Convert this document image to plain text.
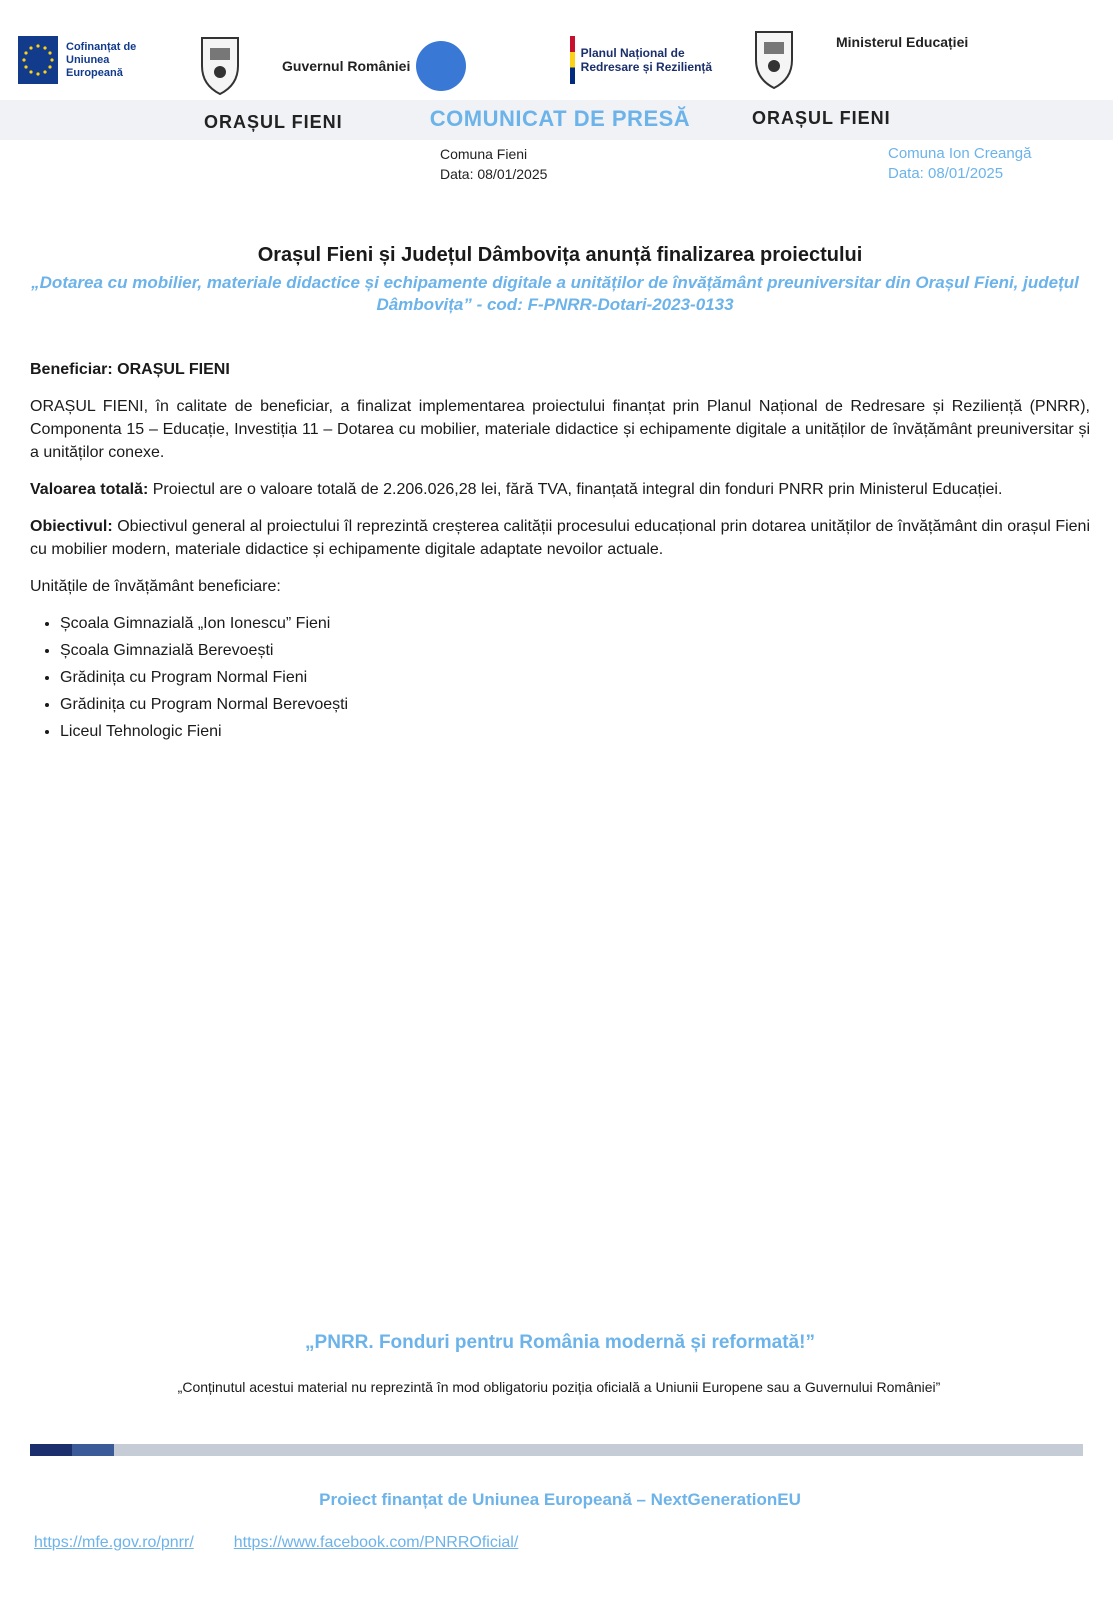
Cofinanțat de Uniunea Europeană	Guvernul României
Planul Național de Redresare și Reziliență
Ministerul Educației
ORAȘUL FIENI	COMUNICAT DE PRESĂ	ORAȘUL FIENI
Comuna Fieni
Data: 08/01/2025
Comuna Ion Creangă
Data: 08/01/2025
Orașul Fieni și Județul Dâmbovița anunță finalizarea proiectului
„Dotarea cu mobilier, materiale didactice și echipamente digitale a unităților de învățământ preuniversitar din Orașul Fieni, județul Dâmbovița” - cod: F-PNRR-Dotari-2023-0133

Beneficiar: ORAȘUL FIENI

ORAȘUL FIENI, în calitate de beneficiar, a finalizat implementarea proiectului finanțat prin Planul Național de Redresare și Reziliență (PNRR), Componenta 15 – Educație, Investiția 11 – Dotarea cu mobilier, materiale didactice și echipamente digitale a unităților de învățământ preuniversitar și a unităților conexe.

Valoarea totală: Proiectul are o valoare totală de 2.206.026,28 lei, fără TVA, finanțată integral din fonduri PNRR prin Ministerul Educației.

Obiectivul: Obiectivul general al proiectului îl reprezintă creșterea calității procesului educațional prin dotarea unităților de învățământ din orașul Fieni cu mobilier modern, materiale didactice și echipamente digitale adaptate nevoilor actuale.

Unitățile de învățământ beneficiare:

• Școala Gimnazială „Ion Ionescu” Fieni
• Școala Gimnazială Berevoești
• Grădinița cu Program Normal Fieni
• Grădinița cu Program Normal Berevoești
• Liceul Tehnologic Fieni
„PNRR. Fonduri pentru România modernă și reformată!”
„Conținutul acestui material nu reprezintă în mod obligatoriu poziția oficială a Uniunii Europene sau a Guvernului României”
Proiect finanțat de Uniunea Europeană – NextGenerationEU
https://mfe.gov.ro/pnrr/	https://www.facebook.com/PNRROficial/
